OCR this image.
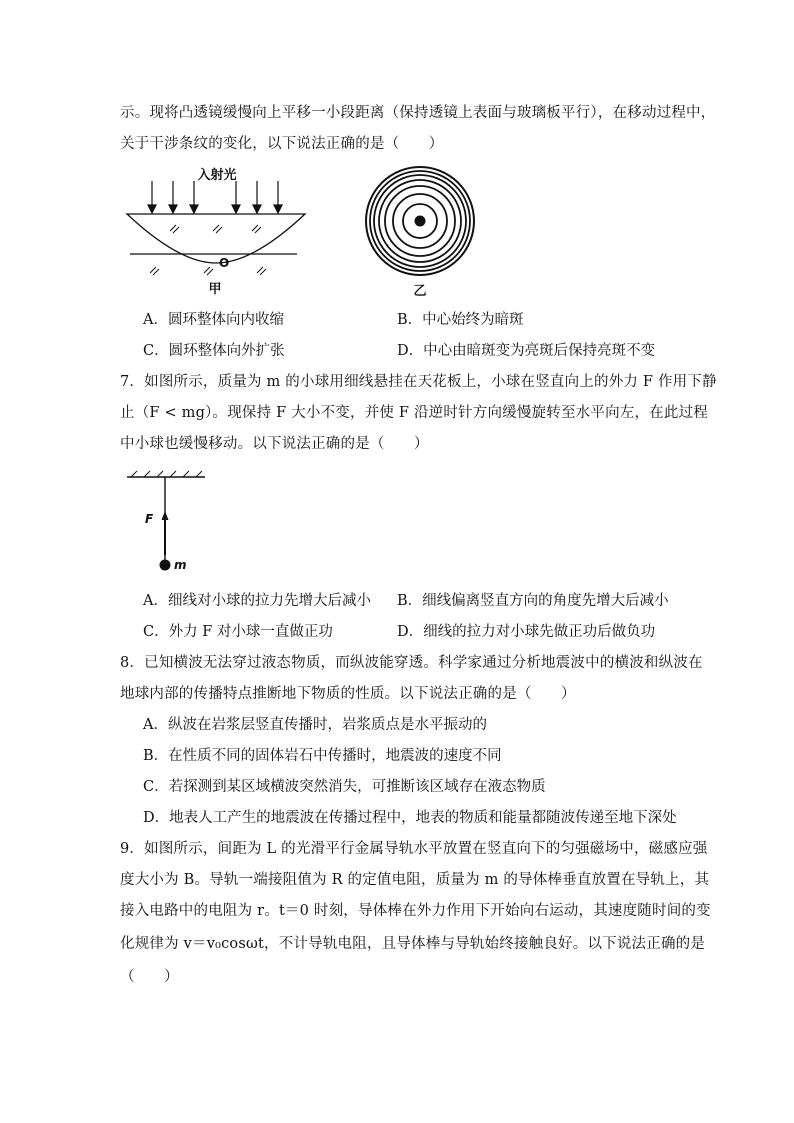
示。现将凸透镜缓慢向上平移一小段距离（保持透镜上表面与玻璃板平行），在移动过程中，
关于干涉条纹的变化，以下说法正确的是（　　）
入射光
O
甲	乙
A．圆环整体向内收缩	B．中心始终为暗斑
C．圆环整体向外扩张	D．中心由暗斑变为亮斑后保持亮斑不变
7．如图所示，质量为 m 的小球用细线悬挂在天花板上，小球在竖直向上的外力 F 作用下静
止（F < mg）。现保持 F 大小不变，并使 F 沿逆时针方向缓慢旋转至水平向左，在此过程
中小球也缓慢移动。以下说法正确的是（　　）
F
m
A．细线对小球的拉力先增大后减小 B．细线偏离竖直方向的角度先增大后减小
C．外力 F 对小球一直做正功	D．细线的拉力对小球先做正功后做负功
8．已知横波无法穿过液态物质，而纵波能穿透。科学家通过分析地震波中的横波和纵波在
地球内部的传播特点推断地下物质的性质。以下说法正确的是（　　）
A．纵波在岩浆层竖直传播时，岩浆质点是水平振动的
B．在性质不同的固体岩石中传播时，地震波的速度不同
C．若探测到某区域横波突然消失，可推断该区域存在液态物质
D．地表人工产生的地震波在传播过程中，地表的物质和能量都随波传递至地下深处
9．如图所示，间距为 L 的光滑平行金属导轨水平放置在竖直向下的匀强磁场中，磁感应强
度大小为 B。导轨一端接阻值为 R 的定值电阻，质量为 m 的导体棒垂直放置在导轨上，其
接入电路中的电阻为 r。t＝0 时刻，导体棒在外力作用下开始向右运动，其速度随时间的变
化规律为 v＝v₀cosωt，不计导轨电阻，且导体棒与导轨始终接触良好。以下说法正确的是
（　　）
